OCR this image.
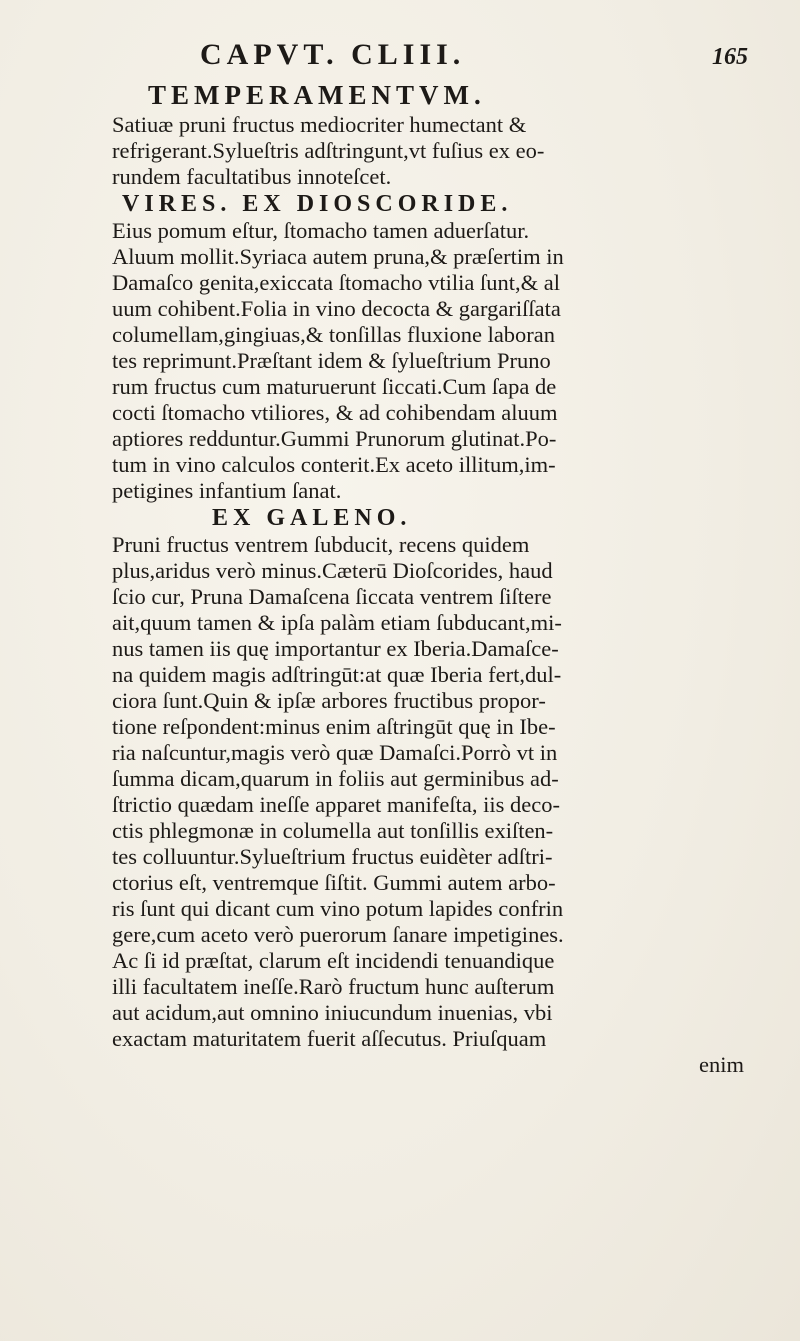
CAPVT. CLIII.	165
TEMPERAMENTVM.
Satiuæ pruni fructus mediocriter humectant &
refrigerant.Sylueſtris adſtringunt,vt fuſius ex eo-
rundem facultatibus innoteſcet.
VIRES. EX DIOSCORIDE.
Eius pomum eſtur, ſtomacho tamen aduerſatur.
Aluum mollit.Syriaca autem pruna,& præſertim in
Damaſco genita,exiccata ſtomacho vtilia ſunt,& al
uum cohibent.Folia in vino decocta & gargariſſata
columellam,gingiuas,& tonſillas fluxione laboran
tes reprimunt.Præſtant idem & ſylueſtrium Pruno
rum fructus cum maturuerunt ſiccati.Cum ſapa de
cocti ſtomacho vtiliores, & ad cohibendam aluum
aptiores redduntur.Gummi Prunorum glutinat.Po-
tum in vino calculos conterit.Ex aceto illitum,im-
petigines infantium ſanat.
EX GALENO.
Pruni fructus ventrem ſubducit, recens quidem
plus,aridus verò minus.Cæterū Dioſcorides, haud
ſcio cur, Pruna Damaſcena ſiccata ventrem ſiſtere
ait,quum tamen & ipſa palàm etiam ſubducant,mi-
nus tamen iis quę importantur ex Iberia.Damaſce-
na quidem magis adſtringūt:at quæ Iberia fert,dul-
ciora ſunt.Quin & ipſæ arbores fructibus propor-
tione reſpondent:minus enim aſtringūt quę in Ibe-
ria naſcuntur,magis verò quæ Damaſci.Porrò vt in
ſumma dicam,quarum in foliis aut germinibus ad-
ſtrictio quædam ineſſe apparet manifeſta, iis deco-
ctis phlegmonæ in columella aut tonſillis exiſten-
tes colluuntur.Sylueſtrium fructus euidèter adſtri-
ctorius eſt, ventremque ſiſtit. Gummi autem arbo-
ris ſunt qui dicant cum vino potum lapides confrin
gere,cum aceto verò puerorum ſanare impetigines.
Ac ſi id præſtat, clarum eſt incidendi tenuandique
illi facultatem ineſſe.Rarò fructum hunc auſterum
aut acidum,aut omnino iniucundum inuenias, vbi
exactam maturitatem fuerit aſſecutus. Priuſquam
enim
